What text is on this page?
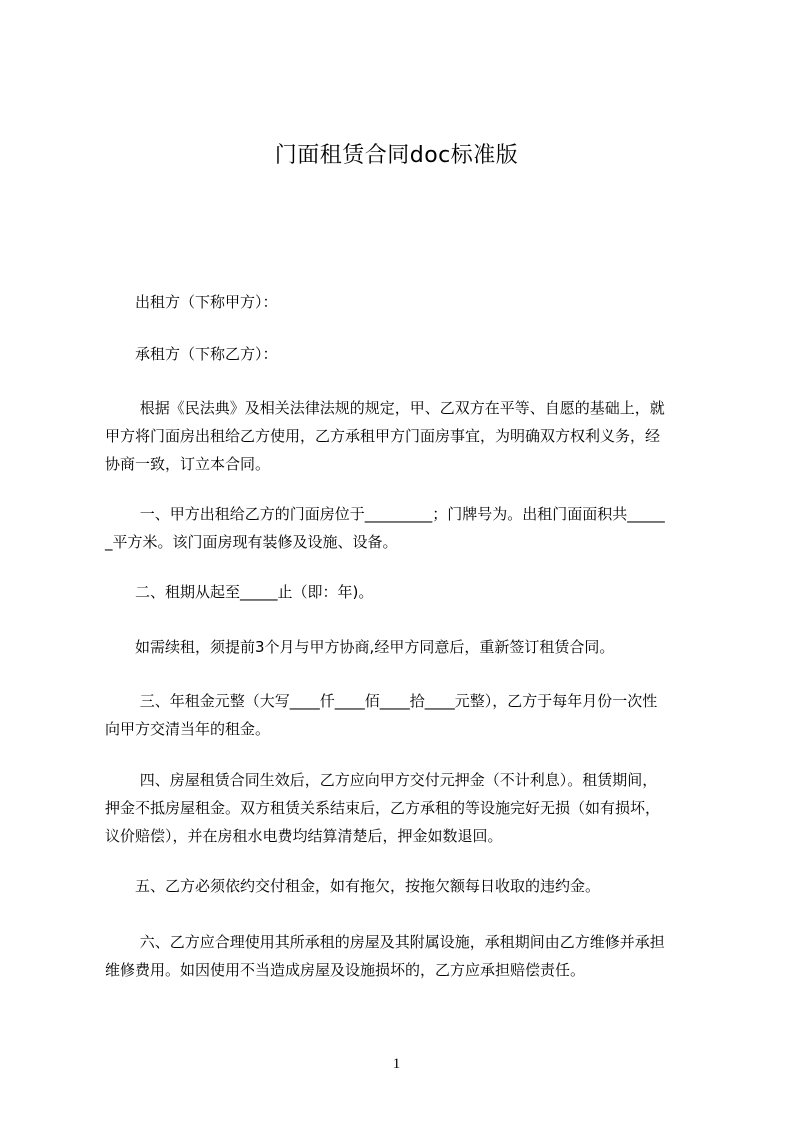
门面租赁合同doc标准版
　　出租方（下称甲方）：
　　承租方（下称乙方）：
　　 根据《民法典》及相关法律法规的规定，甲、乙双方在平等、自愿的基础上，就
甲方将门面房出租给乙方使用，乙方承租甲方门面房事宜，为明确双方权利义务，经
协商一致，订立本合同。
　　 一、甲方出租给乙方的门面房位于_________；门牌号为。出租门面面积共_____
_平方米。该门面房现有装修及设施、设备。
　　二、租期从起至_____止（即：年)。
　　如需续租，须提前3个月与甲方协商,经甲方同意后，重新签订租赁合同。
　　 三、年租金元整（大写____仟____佰____拾____元整），乙方于每年月份一次性
向甲方交清当年的租金。
　　 四、房屋租赁合同生效后，乙方应向甲方交付元押金（不计利息）。租赁期间，
押金不抵房屋租金。双方租赁关系结束后，乙方承租的等设施完好无损（如有损坏，
议价赔偿），并在房租水电费均结算清楚后，押金如数退回。
　　五、乙方必须依约交付租金，如有拖欠，按拖欠额每日收取的违约金。
　　 六、乙方应合理使用其所承租的房屋及其附属设施，承租期间由乙方维修并承担
维修费用。如因使用不当造成房屋及设施损坏的，乙方应承担赔偿责任。
1
